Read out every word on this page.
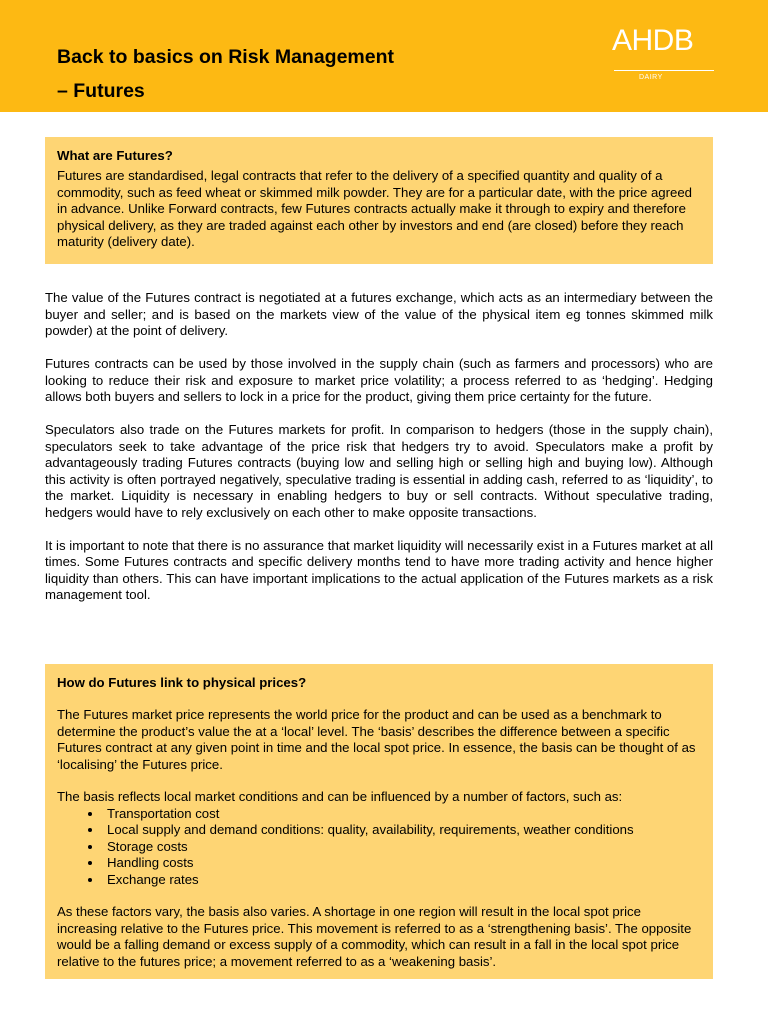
Back to basics on Risk Management
– Futures
AHDB
DAIRY
What are Futures?

Futures are standardised, legal contracts that refer to the delivery of a specified quantity and quality of a commodity, such as feed wheat or skimmed milk powder. They are for a particular date, with the price agreed in advance. Unlike Forward contracts, few Futures contracts actually make it through to expiry and therefore physical delivery, as they are traded against each other by investors and end (are closed) before they reach maturity (delivery date).

The value of the Futures contract is negotiated at a futures exchange, which acts as an intermediary between the buyer and seller; and is based on the markets view of the value of the physical item eg tonnes skimmed milk powder) at the point of delivery.

Futures contracts can be used by those involved in the supply chain (such as farmers and processors) who are looking to reduce their risk and exposure to market price volatility; a process referred to as ‘hedging’. Hedging allows both buyers and sellers to lock in a price for the product, giving them price certainty for the future.

Speculators also trade on the Futures markets for profit. In comparison to hedgers (those in the supply chain), speculators seek to take advantage of the price risk that hedgers try to avoid. Speculators make a profit by advantageously trading Futures contracts (buying low and selling high or selling high and buying low). Although this activity is often portrayed negatively, speculative trading is essential in adding cash, referred to as ‘liquidity’, to the market. Liquidity is necessary in enabling hedgers to buy or sell contracts. Without speculative trading, hedgers would have to rely exclusively on each other to make opposite transactions.

It is important to note that there is no assurance that market liquidity will necessarily exist in a Futures market at all times. Some Futures contracts and specific delivery months tend to have more trading activity and hence higher liquidity than others. This can have important implications to the actual application of the Futures markets as a risk management tool.

How do Futures link to physical prices?

The Futures market price represents the world price for the product and can be used as a benchmark to determine the product’s value the at a ‘local’ level. The ‘basis’ describes the difference between a specific Futures contract at any given point in time and the local spot price. In essence, the basis can be thought of as ‘localising’ the Futures price.

The basis reflects local market conditions and can be influenced by a number of factors, such as:

• Transportation cost
• Local supply and demand conditions: quality, availability, requirements, weather conditions
• Storage costs
• Handling costs
• Exchange rates

As these factors vary, the basis also varies. A shortage in one region will result in the local spot price increasing relative to the Futures price. This movement is referred to as a ‘strengthening basis’. The opposite would be a falling demand or excess supply of a commodity, which can result in a fall in the local spot price relative to the futures price; a movement referred to as a ‘weakening basis’.
